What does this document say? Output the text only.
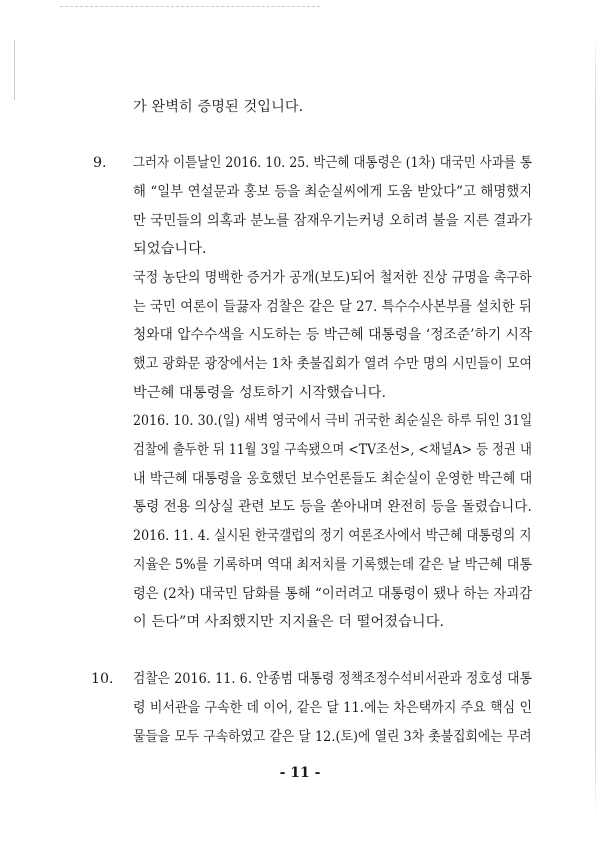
가 완벽히 증명된 것입니다.
9. 그러자 이튿날인 2016. 10. 25. 박근혜 대통령은 (1차) 대국민 사과를 통
해 “일부 연설문과 홍보 등을 최순실씨에게 도움 받았다”고 해명했지
만 국민들의 의혹과 분노를 잠재우기는커녕 오히려 불을 지른 결과가
되었습니다.
국정 농단의 명백한 증거가 공개(보도)되어 철저한 진상 규명을 촉구하
는 국민 여론이 들끓자 검찰은 같은 달 27. 특수수사본부를 설치한 뒤
청와대 압수수색을 시도하는 등 박근혜 대통령을 ‘정조준’하기 시작
했고 광화문 광장에서는 1차 촛불집회가 열려 수만 명의 시민들이 모여
박근혜 대통령을 성토하기 시작했습니다.
2016. 10. 30.(일) 새벽 영국에서 극비 귀국한 최순실은 하루 뒤인 31일
검찰에 출두한 뒤 11월 3일 구속됐으며 <TV조선>, <채널A> 등 정권 내
내 박근혜 대통령을 옹호했던 보수언론들도 최순실이 운영한 박근혜 대
통령 전용 의상실 관련 보도 등을 쏟아내며 완전히 등을 돌렸습니다.
2016. 11. 4. 실시된 한국갤럽의 정기 여론조사에서 박근혜 대통령의 지
지율은 5%를 기록하며 역대 최저치를 기록했는데 같은 날 박근혜 대통
령은 (2차) 대국민 담화를 통해 “이러려고 대통령이 됐나 하는 자괴감
이 든다”며 사죄했지만 지지율은 더 떨어졌습니다.
10. 검찰은 2016. 11. 6. 안종범 대통령 정책조정수석비서관과 정호성 대통
령 비서관을 구속한 데 이어, 같은 달 11.에는 차은택까지 주요 핵심 인
물들을 모두 구속하였고 같은 달 12.(토)에 열린 3차 촛불집회에는 무려
- 11 -
